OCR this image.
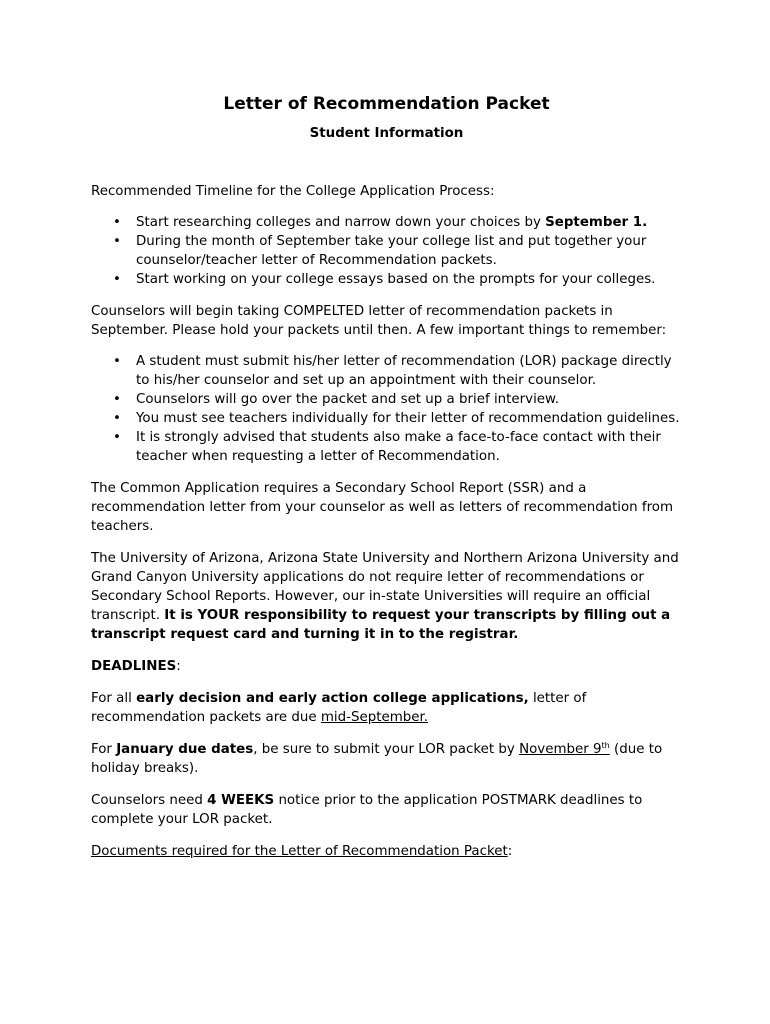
Letter of Recommendation Packet
Student Information

Recommended Timeline for the College Application Process:

• Start researching colleges and narrow down your choices by September 1.
• During the month of September take your college list and put together your counselor/teacher letter of Recommendation packets.
• Start working on your college essays based on the prompts for your colleges.

Counselors will begin taking COMPELTED letter of recommendation packets in September. Please hold your packets until then. A few important things to remember:

• A student must submit his/her letter of recommendation (LOR) package directly to his/her counselor and set up an appointment with their counselor.
• Counselors will go over the packet and set up a brief interview.
• You must see teachers individually for their letter of recommendation guidelines.
• It is strongly advised that students also make a face-to-face contact with their teacher when requesting a letter of Recommendation.

The Common Application requires a Secondary School Report (SSR) and a recommendation letter from your counselor as well as letters of recommendation from teachers.

The University of Arizona, Arizona State University and Northern Arizona University and Grand Canyon University applications do not require letter of recommendations or Secondary School Reports. However, our in-state Universities will require an official transcript. It is YOUR responsibility to request your transcripts by filling out a transcript request card and turning it in to the registrar.

DEADLINES:

For all early decision and early action college applications, letter of recommendation packets are due mid-September.

For January due dates, be sure to submit your LOR packet by November 9th (due to holiday breaks).

Counselors need 4 WEEKS notice prior to the application POSTMARK deadlines to complete your LOR packet.

Documents required for the Letter of Recommendation Packet:
